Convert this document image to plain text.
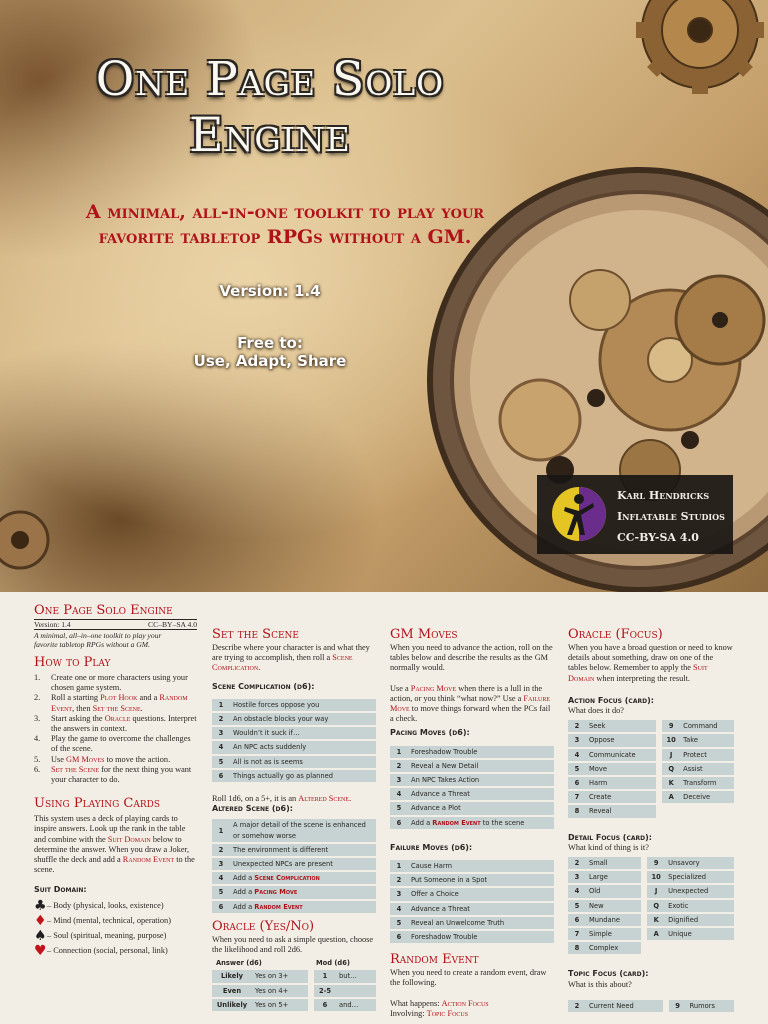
One Page Solo
Engine
A minimal, all-in-one toolkit to play your
favorite tabletop RPGs without a GM.
Version: 1.4
Free to:
Use, Adapt, Share
Karl Hendricks
Inflatable Studios
CC-BY-SA 4.0
One Page Solo Engine
Version: 1.4	CC–BY–SA 4.0
A minimal, all–in–one toolkit to play your
favorite tabletop RPGs without a GM.
How to Play
1.	Create one or more characters using your chosen game system.
2.	Roll a starting Plot Hook and a Random Event, then Set the Scene.
3.	Start asking the Oracle questions. Interpret the answers in context.
4.	Play the game to overcome the challenges of the scene.
5.	Use GM Moves to move the action.
6.	Set the Scene for the next thing you want your character to do.
Using Playing Cards
This system uses a deck of playing cards to inspire answers. Look up the rank in the table and combine with the Suit Domain below to determine the answer. When you draw a Joker, shuffle the deck and add a Random Event to the scene.
Suit Domain:
♣ – Body (physical, looks, existence)
♦ – Mind (mental, technical, operation)
♠ – Soul (spiritual, meaning, purpose)
♥ – Connection (social, personal, link)
Set the Scene
Describe where your character is and what they are trying to accomplish, then roll a Scene Complication.
Scene Complication (d6):
1	Hostile forces oppose you
2	An obstacle blocks your way
3	Wouldn’t it suck if…
4	An NPC acts suddenly
5	All is not as is seems
6	Things actually go as planned
Roll 1d6, on a 5+, it is an Altered Scene.
Altered Scene (d6):
1	A major detail of the scene is enhanced or somehow worse
2	The environment is different
3	Unexpected NPCs are present
4	Add a Scene Complication
5	Add a Pacing Move
6	Add a Random Event
Oracle (Yes/No)
When you need to ask a simple question, choose the likelihood and roll 2d6.
Answer (d6)	Mod (d6)
Likely	Yes on 3+		1	but…
Even	Yes on 4+		2-5	
Unlikely	Yes on 5+		6	and…
GM Moves
When you need to advance the action, roll on the tables below and describe the results as the GM normally would.
Use a Pacing Move when there is a lull in the action, or you think “what now?” Use a Failure Move to move things forward when the PCs fail a check.
Pacing Moves (d6):
1	Foreshadow Trouble
2	Reveal a New Detail
3	An NPC Takes Action
4	Advance a Threat
5	Advance a Plot
6	Add a Random Event to the scene
Failure Moves (d6):
1	Cause Harm
2	Put Someone in a Spot
3	Offer a Choice
4	Advance a Threat
5	Reveal an Unwelcome Truth
6	Foreshadow Trouble
Random Event
When you need to create a random event, draw the following.
What happens: Action Focus
Involving: Topic Focus
Oracle (Focus)
When you have a broad question or need to know details about something, draw on one of the tables below. Remember to apply the Suit Domain when interpreting the result.
Action Focus (card):
What does it do?
2	Seek		9	Command
3	Oppose		10	Take
4	Communicate		J	Protect
5	Move		Q	Assist
6	Harm		K	Transform
7	Create		A	Deceive
8	Reveal			
Detail Focus (card):
What kind of thing is it?
2	Small		9	Unsavory
3	Large		10	Specialized
4	Old		J	Unexpected
5	New		Q	Exotic
6	Mundane		K	Dignified
7	Simple		A	Unique
8	Complex			
Topic Focus (card):
What is this about?
2	Current Need		9	Rumors
